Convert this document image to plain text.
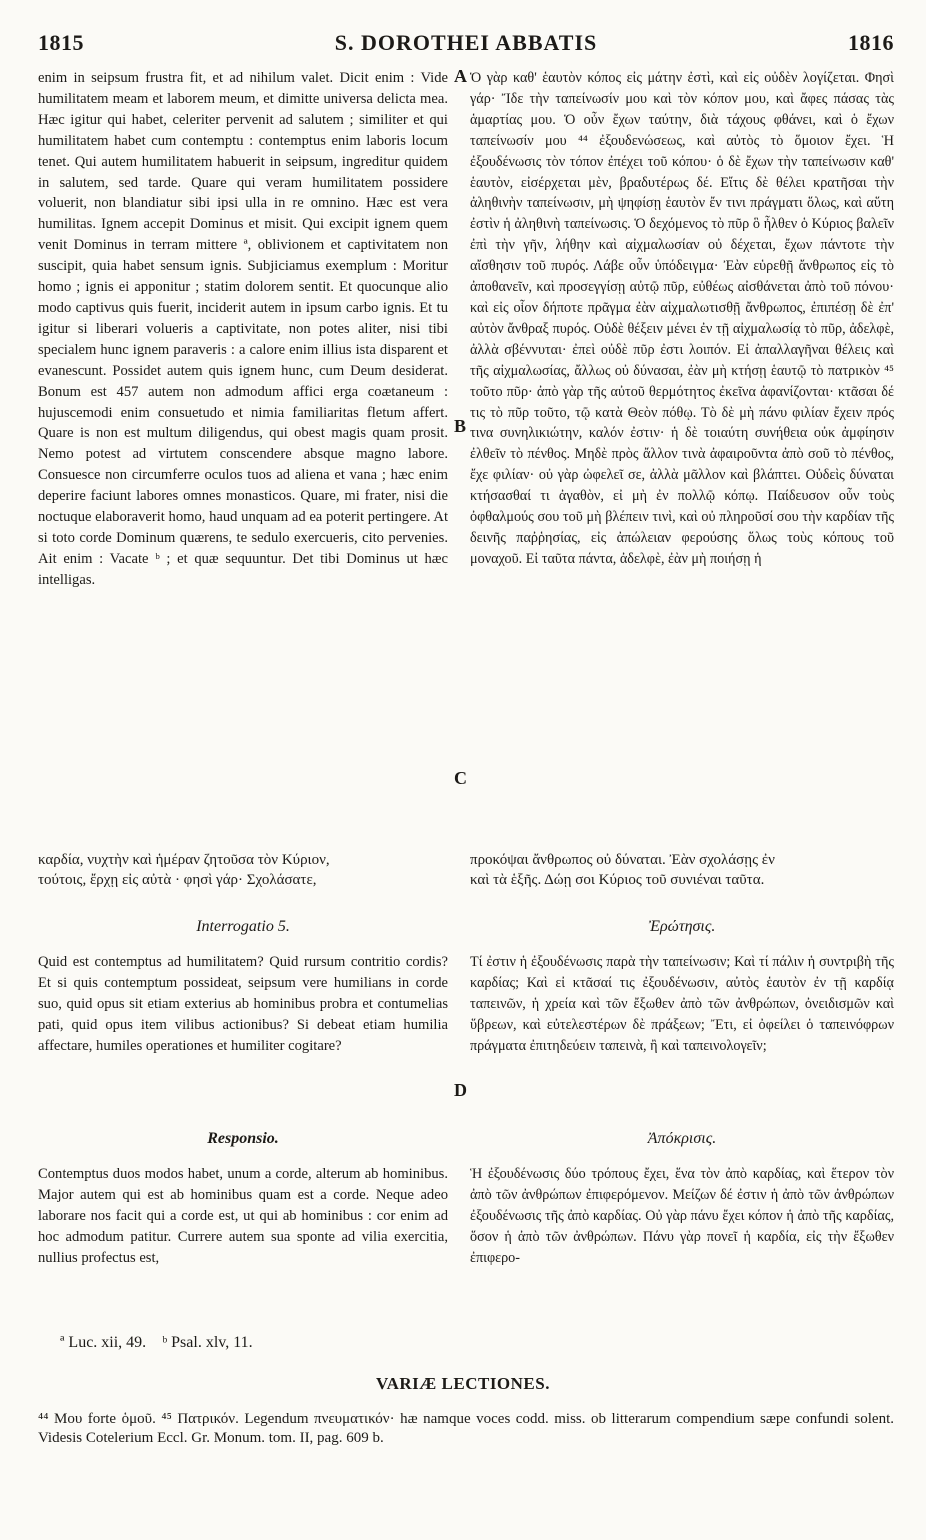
1815	S. DOROTHEI ABBATIS	1816
A
B
C
D

enim in seipsum frustra fit, et ad nihilum valet. Dicit enim : Vide humilitatem meam et laborem meum, et dimitte universa delicta mea. Hæc igitur qui habet, celeriter pervenit ad salutem ; similiter et qui humilitatem habet cum contemptu : contemptus enim laboris locum tenet. Qui autem humilitatem habuerit in seipsum, ingreditur quidem in salutem, sed tarde. Quare qui veram humilitatem possidere voluerit, non blandiatur sibi ipsi ulla in re omnino. Hæc est vera humilitas. Ignem accepit Dominus et misit. Qui excipit ignem quem venit Dominus in terram mittere ª, oblivionem et captivitatem non suscipit, quia habet sensum ignis. Subjiciamus exemplum : Moritur homo ; ignis ei apponitur ; statim dolorem sentit. Et quocunque alio modo captivus quis fuerit, inciderit autem in ipsum carbo ignis. Et tu igitur si liberari volueris a captivitate, non potes aliter, nisi tibi specialem hunc ignem paraveris : a calore enim illius ista disparent et evanescunt. Possidet autem quis ignem hunc, cum Deum desiderat. Bonum est 457 autem non admodum affici erga coætaneum : hujuscemodi enim consuetudo et nimia familiaritas fletum affert. Quare is non est multum diligendus, qui obest magis quam prosit. Nemo potest ad virtutem conscendere absque magno labore. Consuesce non circumferre oculos tuos ad aliena et vana ; hæc enim deperire faciunt labores omnes monasticos. Quare, mi frater, nisi die noctuque elaboraverit homo, haud unquam ad ea poterit pertingere. At si toto corde Dominum quærens, te sedulo exercueris, cito pervenies. Ait enim : Vacate ᵇ ; et quæ sequuntur. Det tibi Dominus ut hæc intelligas.

Ὁ γὰρ καθ' ἑαυτὸν κόπος εἰς μάτην ἐστὶ, καὶ εἰς οὐδὲν λογίζεται. Φησὶ γάρ· Ἴδε τὴν ταπείνωσίν μου καὶ τὸν κόπον μου, καὶ ἄφες πάσας τὰς ἁμαρτίας μου. Ὁ οὖν ἔχων ταύτην, διὰ τάχους φθάνει, καὶ ὁ ἔχων ταπείνωσίν μου ⁴⁴ ἐξουδενώσεως, καὶ αὐτὸς τὸ ὅμοιον ἔχει. Ἡ ἐξουδένωσις τὸν τόπον ἐπέχει τοῦ κόπου· ὁ δὲ ἔχων τὴν ταπείνωσιν καθ' ἑαυτὸν, εἰσέρχεται μὲν, βραδυτέρως δέ. Εἴτις δὲ θέλει κρατῆσαι τὴν ἀληθινὴν ταπείνωσιν, μὴ ψηφίσῃ ἑαυτὸν ἔν τινι πράγματι ὅλως, καὶ αὕτη ἐστὶν ἡ ἀληθινὴ ταπείνωσις. Ὁ δεχόμενος τὸ πῦρ ὃ ἦλθεν ὁ Κύριος βαλεῖν ἐπὶ τὴν γῆν, λήθην καὶ αἰχμαλωσίαν οὐ δέχεται, ἔχων πάντοτε τὴν αἴσθησιν τοῦ πυρός. Λάβε οὖν ὑπόδειγμα· Ἐὰν εὑρεθῇ ἄνθρωπος εἰς τὸ ἀποθανεῖν, καὶ προσεγγίσῃ αὐτῷ πῦρ, εὐθέως αἰσθάνεται ἀπὸ τοῦ πόνου· καὶ εἰς οἷον δήποτε πρᾶγμα ἐὰν αἰχμαλωτισθῇ ἄνθρωπος, ἐπιπέσῃ δὲ ἐπ' αὐτὸν ἄνθραξ πυρός. Οὐδὲ θέξειν μένει ἐν τῇ αἰχμαλωσίᾳ τὸ πῦρ, ἀδελφὲ, ἀλλὰ σβέννυται· ἐπεὶ οὐδὲ πῦρ ἐστι λοιπόν. Εἰ ἀπαλλαγῆναι θέλεις καὶ τῆς αἰχμαλωσίας, ἄλλως οὐ δύνασαι, ἐὰν μὴ κτήσῃ ἑαυτῷ τὸ πατρικὸν ⁴⁵ τοῦτο πῦρ· ἀπὸ γὰρ τῆς αὐτοῦ θερμότητος ἐκεῖνα ἀφανίζονται· κτᾶσαι δέ τις τὸ πῦρ τοῦτο, τῷ κατὰ Θεὸν πόθῳ. Τὸ δὲ μὴ πάνυ φιλίαν ἔχειν πρός τινα συνηλικιώτην, καλόν ἐστιν· ἡ δὲ τοιαύτη συνήθεια οὐκ ἀμφίησιν ἐλθεῖν τὸ πένθος. Μηδὲ πρὸς ἄλλον τινὰ ἀφαιροῦντα ἀπὸ σοῦ τὸ πένθος, ἔχε φιλίαν· οὐ γὰρ ὠφελεῖ σε, ἀλλὰ μᾶλλον καὶ βλάπτει. Οὐδεὶς δύναται κτήσασθαί τι ἀγαθὸν, εἰ μὴ ἐν πολλῷ κόπῳ. Παίδευσον οὖν τοὺς ὀφθαλμούς σου τοῦ μὴ βλέπειν τινὶ, καὶ οὐ πληροῦσί σου τὴν καρδίαν τῆς δεινῆς παῤῥησίας, εἰς ἀπώλειαν φερούσης ὅλως τοὺς κόπους τοῦ μοναχοῦ. Εἰ ταῦτα πάντα, ἀδελφὲ, ἐὰν μὴ ποιήσῃ ἡ

καρδία, νυχτὴν καὶ ἡμέραν ζητοῦσα τὸν Κύριον,
τούτοις, ἔρχῃ εἰς αὐτὰ · φησὶ γάρ· Σχολάσατε,
προκόψαι ἄνθρωπος οὐ δύναται. Ἐὰν σχολάσῃς ἐν
καὶ τὰ ἑξῆς. Δώῃ σοι Κύριος τοῦ συνιέναι ταῦτα.
Interrogatio 5.	Ἐρώτησις.

Quid est contemptus ad humilitatem? Quid rursum contritio cordis? Et si quis contemptum possideat, seipsum vere humilians in corde suo, quid opus sit etiam exterius ab hominibus probra et contumelias pati, quid opus item vilibus actionibus? Si debeat etiam humilia affectare, humiles operationes et humiliter cogitare?

Τί ἐστιν ἡ ἐξουδένωσις παρὰ τὴν ταπείνωσιν; Καὶ τί πάλιν ἡ συντριβὴ τῆς καρδίας; Καὶ εἰ κτᾶσαί τις ἐξουδένωσιν, αὐτὸς ἑαυτὸν ἐν τῇ καρδίᾳ ταπεινῶν, ἡ χρεία καὶ τῶν ἔξωθεν ἀπὸ τῶν ἀνθρώπων, ὀνειδισμῶν καὶ ὕβρεων, καὶ εὐτελεστέρων δὲ πράξεων; Ἔτι, εἰ ὀφείλει ὁ ταπεινόφρων πράγματα ἐπιτηδεύειν ταπεινὰ, ἢ καὶ ταπεινολογεῖν;

Responsio.	Ἀπόκρισις.

Contemptus duos modos habet, unum a corde, alterum ab hominibus. Major autem qui est ab hominibus quam est a corde. Neque adeo laborare nos facit qui a corde est, ut qui ab hominibus : cor enim ad hoc admodum patitur. Currere autem sua sponte ad vilia exercitia, nullius profectus est,

Ἡ ἐξουδένωσις δύο τρόπους ἔχει, ἕνα τὸν ἀπὸ καρδίας, καὶ ἕτερον τὸν ἀπὸ τῶν ἀνθρώπων ἐπιφερόμενον. Μείζων δέ ἐστιν ἡ ἀπὸ τῶν ἀνθρώπων ἐξουδένωσις τῆς ἀπὸ καρδίας. Οὐ γὰρ πάνυ ἔχει κόπον ἡ ἀπὸ τῆς καρδίας, ὅσον ἡ ἀπὸ τῶν ἀνθρώπων. Πάνυ γὰρ πονεῖ ἡ καρδία, εἰς τὴν ἔξωθεν ἐπιφερο-

ª Luc. xii, 49. ᵇ Psal. xlv, 11.
VARIÆ LECTIONES.
⁴⁴ Μου forte ὁμοῦ. ⁴⁵ Πατρικόν. Legendum πνευματικόν· hæ namque voces codd. miss. ob litterarum compendium sæpe confundi solent. Videsis Cotelerium Eccl. Gr. Monum. tom. II, pag. 609 b.
